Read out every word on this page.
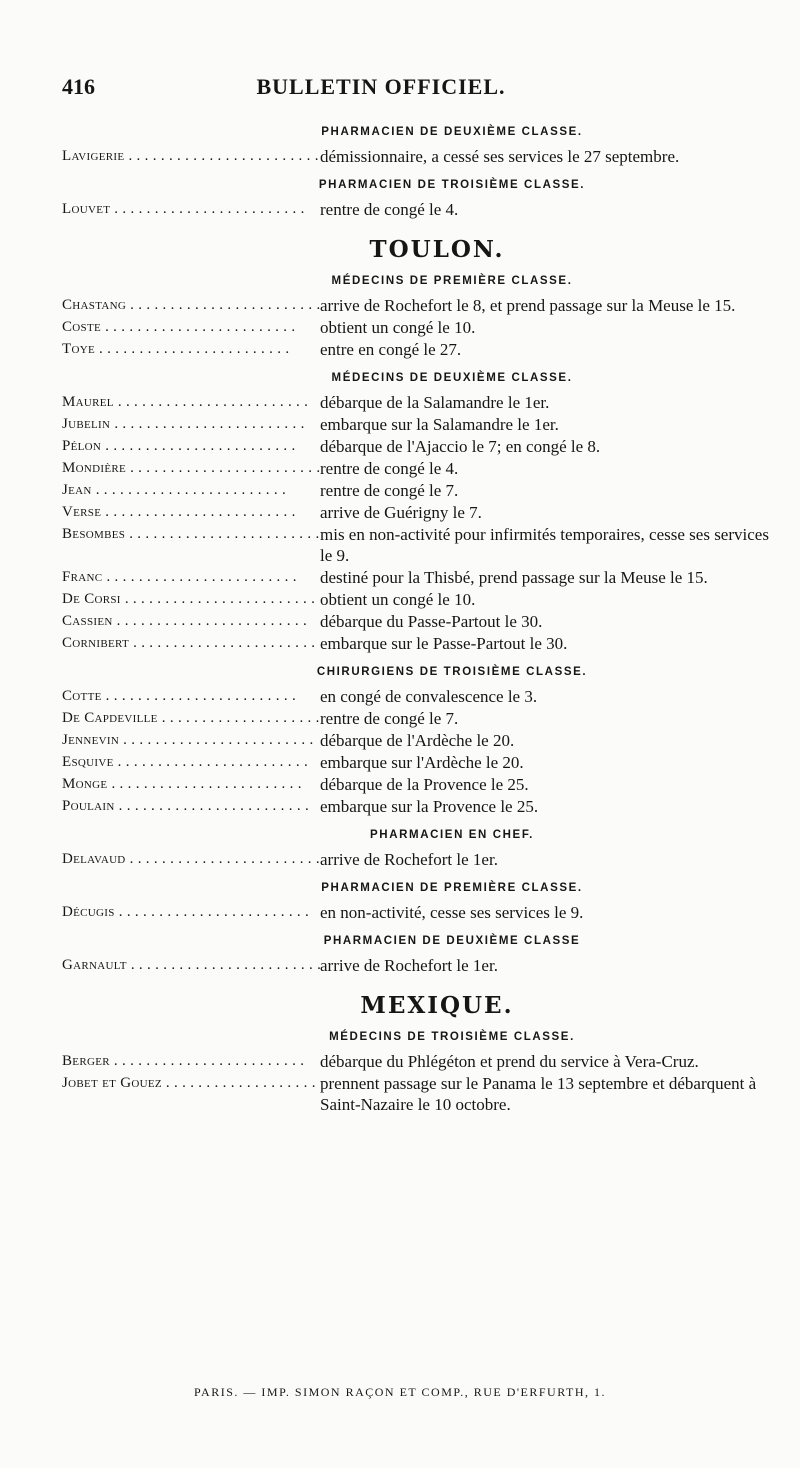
416	BULLETIN OFFICIEL.
PHARMACIEN DE DEUXIÈME CLASSE.
Lavigerie . . .	démissionnaire, a cessé ses services le 27 septembre.
PHARMACIEN DE TROISIÈME CLASSE.
Louvet . . .	rentre de congé le 4.
TOULON.
MÉDECINS DE PREMIÈRE CLASSE.
Chastang . . .	arrive de Rochefort le 8, et prend passage sur la Meuse le 15.
Coste . . .	obtient un congé le 10.
Toye . . .	entre en congé le 27.
MÉDECINS DE DEUXIÈME CLASSE.
Maurel . . .	débarque de la Salamandre le 1er.
Jubelin . . .	embarque sur la Salamandre le 1er.
Pélon . . .	débarque de l'Ajaccio le 7; en congé le 8.
Mondière . . .	rentre de congé le 4.
Jean . . .	rentre de congé le 7.
Verse . . .	arrive de Guérigny le 7.
Besombes . . .	mis en non-activité pour infirmités temporaires, cesse ses services le 9.
Franc . . .	destiné pour la Thisbé, prend passage sur la Meuse le 15.
De Corsi . . .	obtient un congé le 10.
Cassien . . .	débarque du Passe-Partout le 30.
Cornibert . . .	embarque sur le Passe-Partout le 30.
CHIRURGIENS DE TROISIÈME CLASSE.
Cotte . . .	en congé de convalescence le 3.
De Capdeville . . .	rentre de congé le 7.
Jennevin . . .	débarque de l'Ardèche le 20.
Esquive . . .	embarque sur l'Ardèche le 20.
Monge . . .	débarque de la Provence le 25.
Poulain . . .	embarque sur la Provence le 25.
PHARMACIEN EN CHEF.
Delavaud . . .	arrive de Rochefort le 1er.
PHARMACIEN DE PREMIÈRE CLASSE.
Décugis . . .	en non-activité, cesse ses services le 9.
PHARMACIEN DE DEUXIÈME CLASSE
Garnault . . .	arrive de Rochefort le 1er.
MEXIQUE.
MÉDECINS DE TROISIÈME CLASSE.
Berger . . .	débarque du Phlégéton et prend du service à Vera-Cruz.
Jobet et Gouez . . .	prennent passage sur le Panama le 13 septembre et débarquent à Saint-Nazaire le 10 octobre.
PARIS. — IMP. SIMON RAÇON ET COMP., RUE D'ERFURTH, 1.
